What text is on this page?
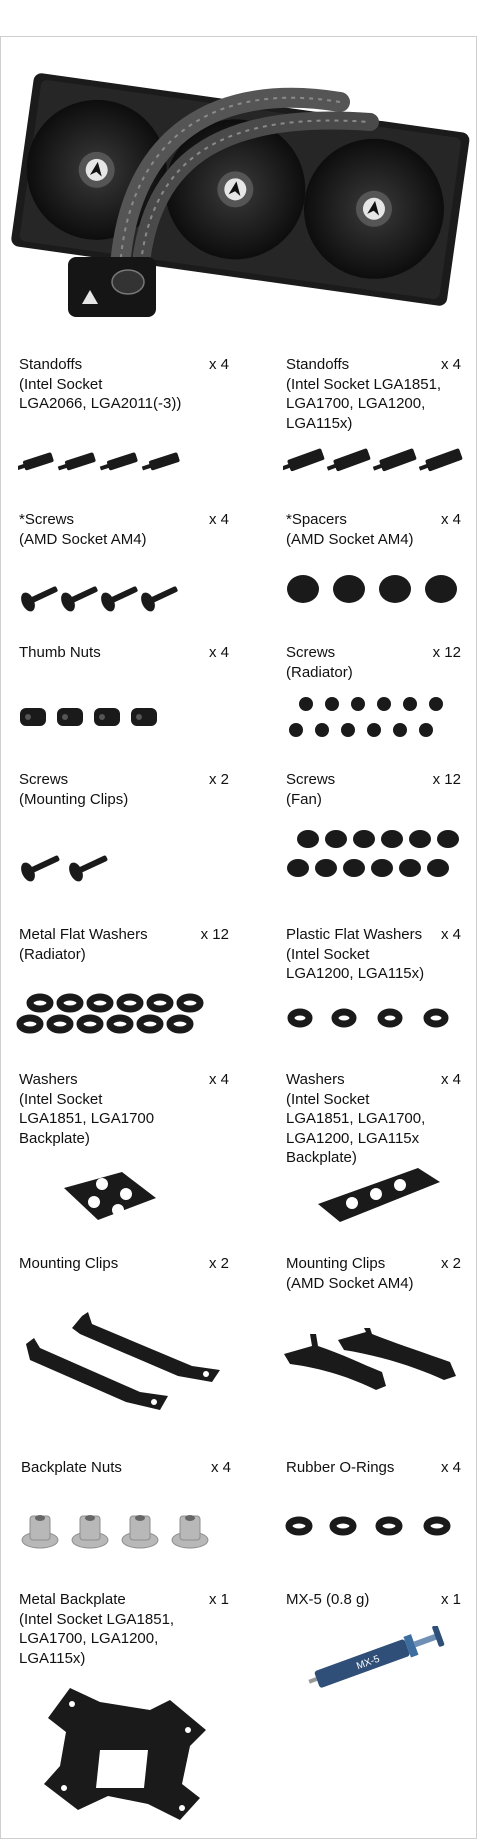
Standoffs
(Intel Socket
LGA2066, LGA2011(-3))
x 4	Standoffs
(Intel Socket LGA1851,
LGA1700, LGA1200,
LGA115x)
x 4
*Screws
(AMD Socket AM4)
x 4	*Spacers
(AMD Socket AM4)
x 4
Thumb Nuts	x 4	Screws
(Radiator)
x 12
Screws
(Mounting Clips)
x 2	Screws
(Fan)
x 12
Metal Flat Washers
(Radiator)
x 12	Plastic Flat Washers
(Intel Socket
LGA1200, LGA115x)
x 4
Washers
(Intel Socket
LGA1851, LGA1700
Backplate)
x 4	Washers
(Intel Socket
LGA1851, LGA1700,
LGA1200, LGA115x
Backplate)
x 4
Mounting Clips	x 2	Mounting Clips
(AMD Socket AM4)
x 2
Backplate Nuts	x 4	Rubber O-Rings	x 4
Metal Backplate
(Intel Socket LGA1851,
LGA1700, LGA1200,
LGA115x)
x 1	MX-5 (0.8 g)	x 1
MX-5
